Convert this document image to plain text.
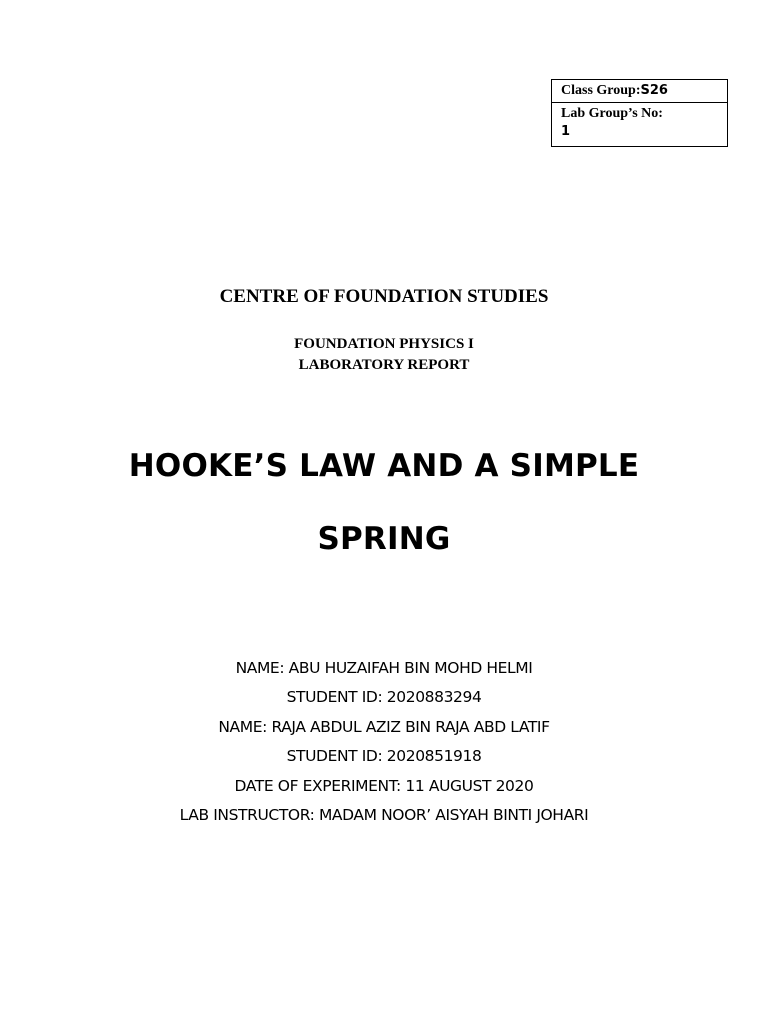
Class Group:S26
Lab Group’s No:
1
CENTRE OF FOUNDATION STUDIES
FOUNDATION PHYSICS I
LABORATORY REPORT
HOOKE’S LAW AND A SIMPLE
SPRING
NAME: ABU HUZAIFAH BIN MOHD HELMI
STUDENT ID: 2020883294
NAME: RAJA ABDUL AZIZ BIN RAJA ABD LATIF
STUDENT ID: 2020851918
DATE OF EXPERIMENT: 11 AUGUST 2020
LAB INSTRUCTOR: MADAM NOOR’ AISYAH BINTI JOHARI
